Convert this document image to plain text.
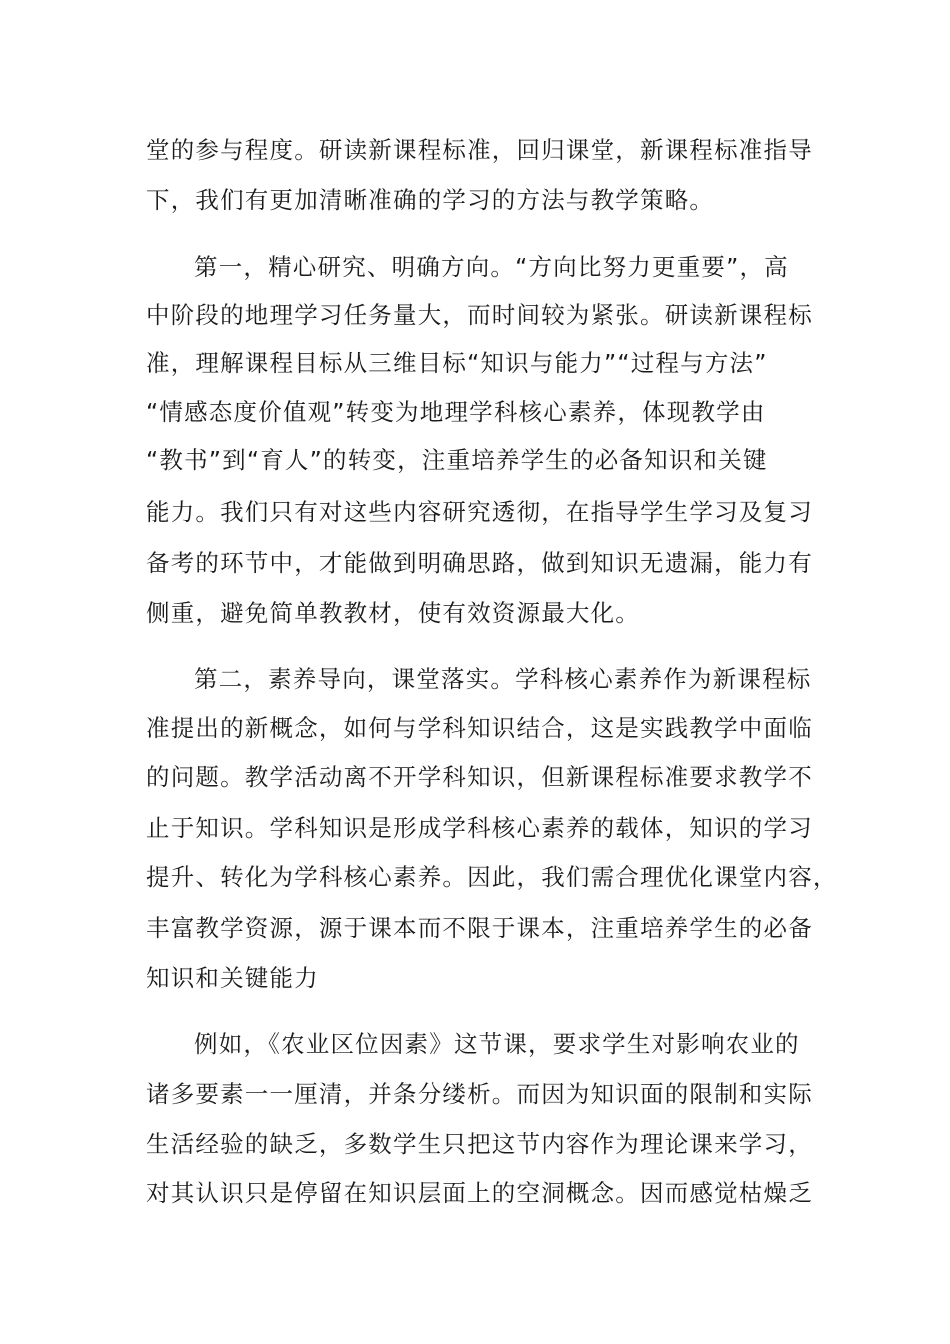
堂的参与程度。研读新课程标准，回归课堂，新课程标准指导
下，我们有更加清晰准确的学习的方法与教学策略。
第一，精心研究、明确方向。“方向比努力更重要”，高
中阶段的地理学习任务量大，而时间较为紧张。研读新课程标
准，理解课程目标从三维目标“知识与能力”“过程与方法”
“情感态度价值观”转变为地理学科核心素养，体现教学由
“教书”到“育人”的转变，注重培养学生的必备知识和关键
能力。我们只有对这些内容研究透彻，在指导学生学习及复习
备考的环节中，才能做到明确思路，做到知识无遗漏，能力有
侧重，避免简单教教材，使有效资源最大化。
第二，素养导向，课堂落实。学科核心素养作为新课程标
准提出的新概念，如何与学科知识结合，这是实践教学中面临
的问题。教学活动离不开学科知识，但新课程标准要求教学不
止于知识。学科知识是形成学科核心素养的载体，知识的学习
提升、转化为学科核心素养。因此，我们需合理优化课堂内容，
丰富教学资源，源于课本而不限于课本，注重培养学生的必备
知识和关键能力
例如，《农业区位因素》这节课，要求学生对影响农业的
诸多要素一一厘清，并条分缕析。而因为知识面的限制和实际
生活经验的缺乏，多数学生只把这节内容作为理论课来学习，
对其认识只是停留在知识层面上的空洞概念。因而感觉枯燥乏
